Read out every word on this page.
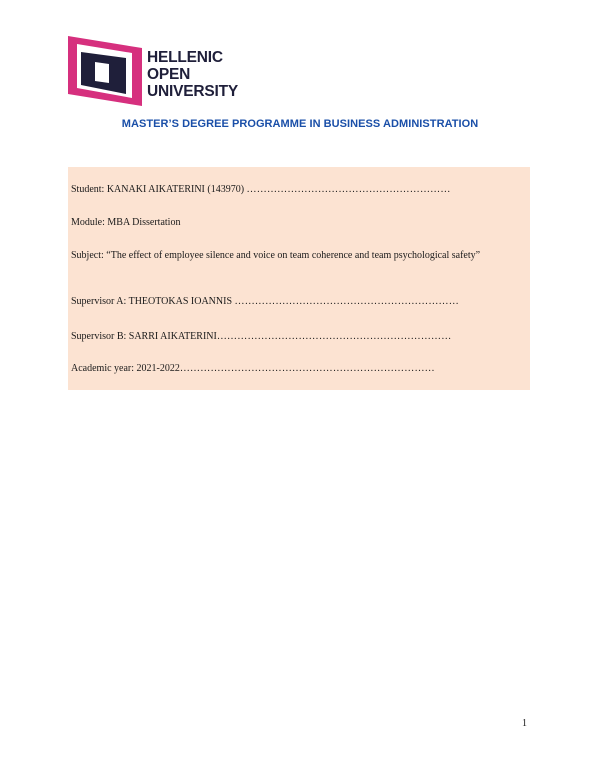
HELLENIC
OPEN
UNIVERSITY
MASTER’S DEGREE PROGRAMME IN BUSINESS ADMINISTRATION
Student: KANAKI AIKATERINI (143970) ……………………………………………………
Module: MBA Dissertation
Subject: “The effect of employee silence and voice on team coherence and team psychological safety”
Supervisor A: THEOTOKAS IOANNIS …………………………………………………………
Supervisor B: SARRI AIKATERINI……………………………………………………………
Academic year: 2021-2022…………………………………………………………………
1
